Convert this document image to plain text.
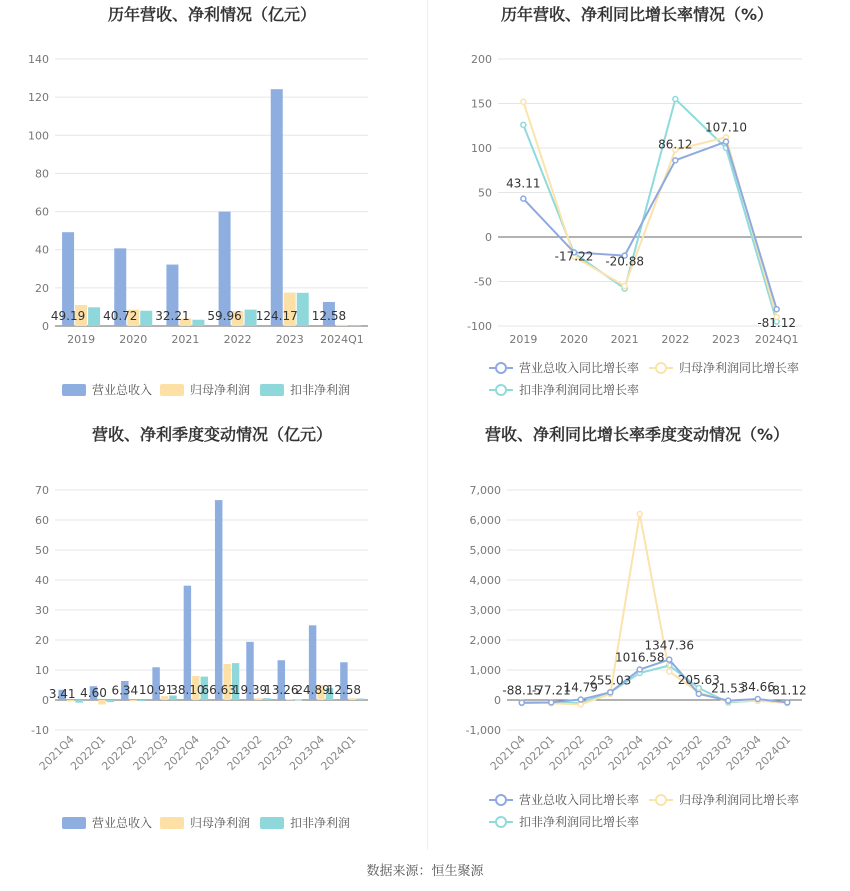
历年营收、净利情况（亿元）
0
20
40
60
80
100
120
140
2019 2020 2021 2022 2023 2024Q1
49.19 40.72 32.21 59.96 124.17 12.58
营业总收入	归母净利润	扣非净利润
历年营收、净利同比增长率情况（%）
-100
-50
0
50
100
150
200
2019 2020 2021 2022 2023 2024Q1
43.11
-17.22 -20.88
86.12
107.10
-81.12
营业总收入同比增长率	归母净利润同比增长率
扣非净利润同比增长率
营收、净利季度变动情况（亿元）
-10
0
10
20
30
40
50
60
70
2021Q4
2022Q1
2022Q2
2022Q3
2022Q4
2023Q1
2023Q2
2023Q3
2023Q4
2024Q1
3.41 4.60 6.34 10.91
38.10
66.63
19.39
13.26
24.89
12.58
营业总收入	归母净利润	扣非净利润
营收、净利同比增长率季度变动情况（%）
-1,000
0
1,000
2,000
3,000
4,000
5,000
6,000
7,000
2021Q4
2022Q1
2022Q2
2022Q3
2022Q4
2023Q1
2023Q2
2023Q3
2023Q4
2024Q1
-88.15
-77.21
14.79
255.03
1016.58
1347.36
205.63
21.53
34.66
-81.12
营业总收入同比增长率	归母净利润同比增长率
扣非净利润同比增长率
数据来源：恒生聚源
